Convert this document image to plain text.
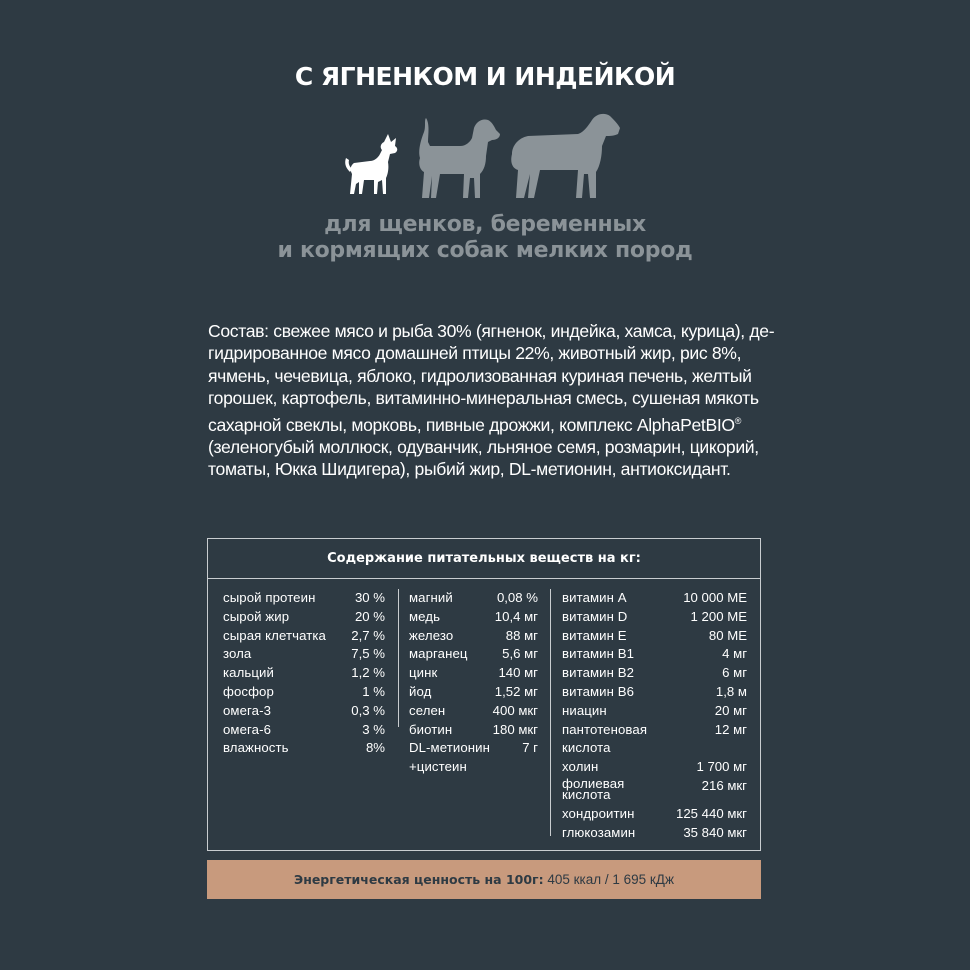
С ЯГНЕНКОМ И ИНДЕЙКОЙ
для щенков, беременных
и кормящих собак мелких пород
Состав: свежее мясо и рыба 30% (ягненок, индейка, хамса, курица), де-
гидрированное мясо домашней птицы 22%, животный жир, рис 8%,
ячмень, чечевица, яблоко, гидролизованная куриная печень, желтый
горошек, картофель, витаминно-минеральная смесь, сушеная мякоть
сахарной свеклы, морковь, пивные дрожжи, комплекс AlphaPetBIO®
(зеленогубый моллюск, одуванчик, льняное семя, розмарин, цикорий,
томаты, Юкка Шидигера), рыбий жир, DL-метионин, антиоксидант.
Содержание питательных веществ на кг:
сырой протеин	30 %
сырой жир	20 %
сырая клетчатка 2,7 %
зола	7,5 %
кальций	1,2 %
фосфор	1 %
омега-3	0,3 %
омега-6	3 %
влажность	8%
магний	0,08 %
медь	10,4 мг
железо	88 мг
марганец	5,6 мг
цинк	140 мг
йод	1,52 мг
селен	400 мкг
биотин	180 мкг
DL-метионин 7 г
+цистеин
витамин А	10 000 МЕ
витамин D	1 200 МЕ
витамин Е	80 МЕ
витамин В1	4 мг
витамин В2	6 мг
витамин В6	1,8 м
ниацин	20 мг
пантотеновая кислота
12 мг
холин	1 700 мг
фолиевая кислота
216 мкг
хондроитин	125 440 мкг
глюкозамин	35 840 мкг
Энергетическая ценность на 100г: 405 ккал / 1 695 кДж
